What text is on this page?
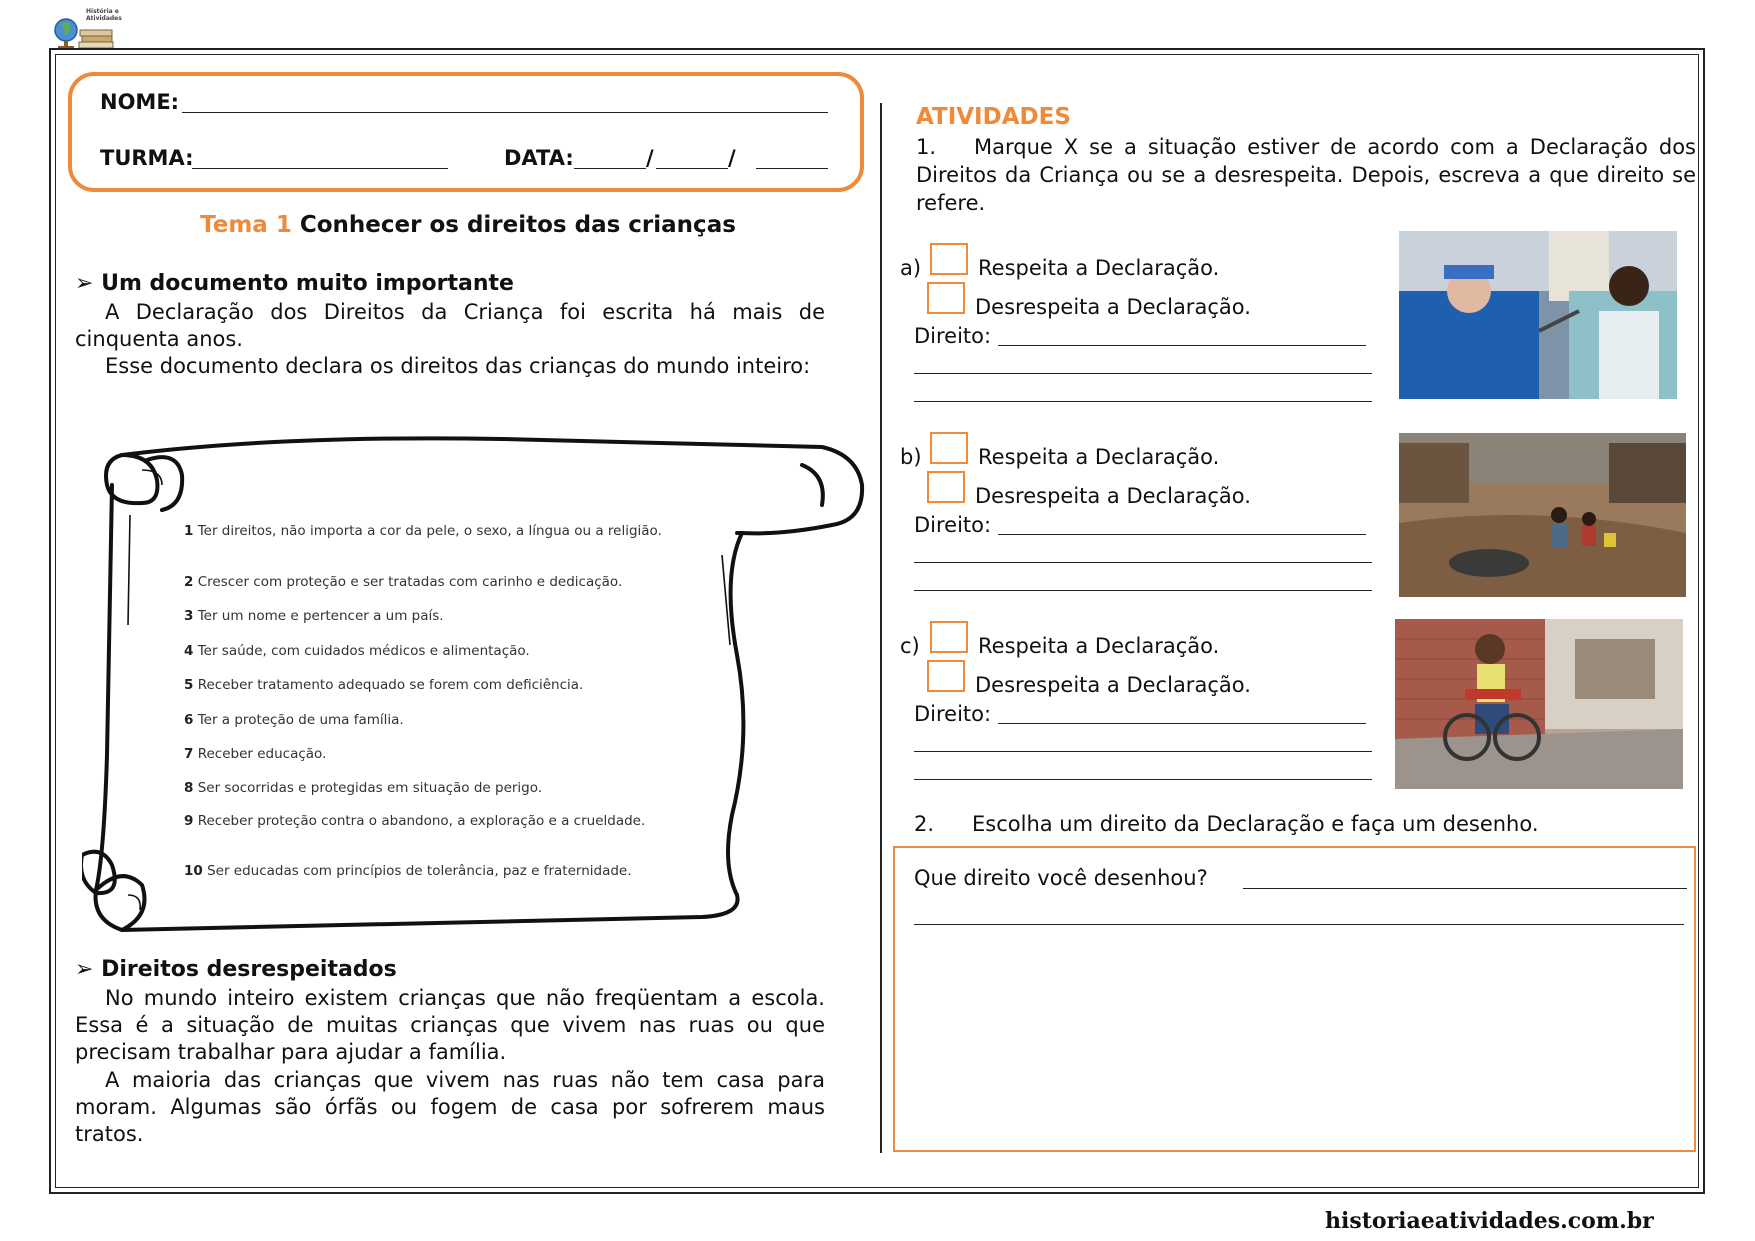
História e Atividades
NOME:
TURMA:	DATA:	/	/
Tema 1 Conhecer os direitos das crianças
➢ Um documento muito importante
A Declaração dos Direitos da Criança foi escrita há mais de cinquenta anos.
Esse documento declara os direitos das crianças do mundo inteiro:
1 Ter direitos, não importa a cor da pele, o sexo, a língua ou a religião.
2 Crescer com proteção e ser tratadas com carinho e dedicação.
3 Ter um nome e pertencer a um país.
4 Ter saúde, com cuidados médicos e alimentação.
5 Receber tratamento adequado se forem com deficiência.
6 Ter a proteção de uma família.
7 Receber educação.
8 Ser socorridas e protegidas em situação de perigo.
9 Receber proteção contra o abandono, a exploração e a crueldade.
10 Ser educadas com princípios de tolerância, paz e fraternidade.
➢ Direitos desrespeitados
No mundo inteiro existem crianças que não freqüentam a escola. Essa é a situação de muitas crianças que vivem nas ruas ou que precisam trabalhar para ajudar a família.
A maioria das crianças que vivem nas ruas não tem casa para moram. Algumas são órfãs ou fogem de casa por sofrerem maus tratos.
ATIVIDADES
1. Marque X se a situação estiver de acordo com a Declaração dos Direitos da Criança ou se a desrespeita. Depois, escreva a que direito se refere.
a)	Respeita a Declaração.
Desrespeita a Declaração.
Direito:
b)	Respeita a Declaração.
Desrespeita a Declaração.
Direito:
c)	Respeita a Declaração.
Desrespeita a Declaração.
Direito:
2. Escolha um direito da Declaração e faça um desenho.
Que direito você desenhou?
historiaeatividades.com.br
